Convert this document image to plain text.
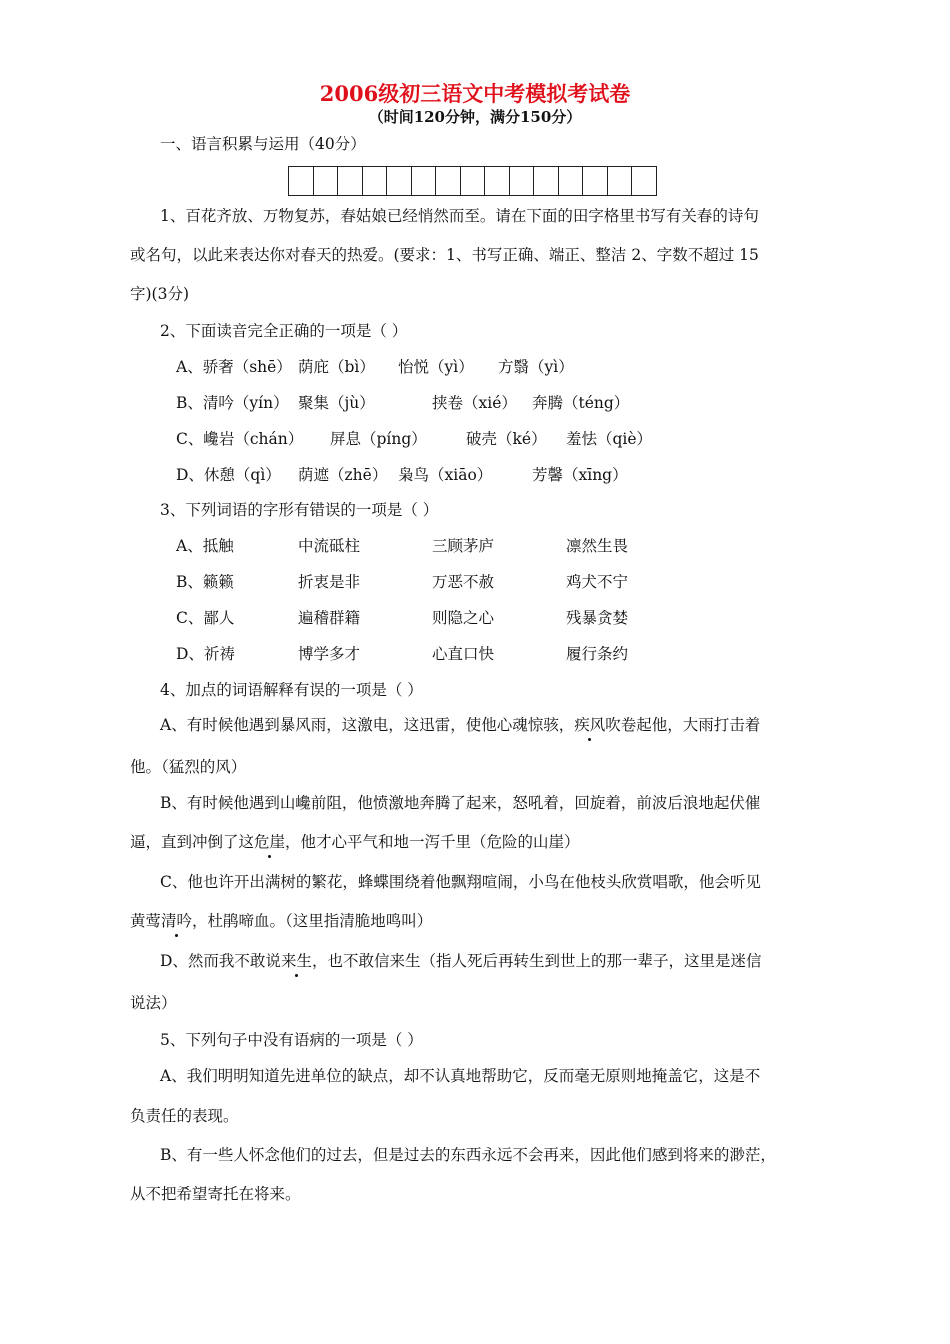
2006级初三语文中考模拟考试卷
（时间120分钟，满分150分）
一、语言积累与运用（40分）
1、百花齐放、万物复苏，春姑娘已经悄然而至。请在下面的田字格里书写有关春的诗句
或名句，以此来表达你对春天的热爱。(要求：1、书写正确、端正、整洁 2、字数不超过 15
字)(3分)
2、下面读音完全正确的一项是（ ）
A、骄奢（shē） 荫庇（bì） 怡悦（yì） 方翳（yì）
B、清吟（yín） 聚集（jù）	挟卷（xié） 奔腾（téng）
C、巉岩（chán） 屏息（píng）	破壳（ké） 羞怯（qiè）
D、休憩（qì） 荫遮（zhē） 枭鸟（xiāo）	芳馨（xīng）
3、下列词语的字形有错误的一项是（ ）
A、抵触	中流砥柱	三顾茅庐	凛然生畏
B、籁籁	折衷是非	万恶不赦	鸡犬不宁
C、鄙人	遍稽群籍	则隐之心	残暴贪婪
D、祈祷	博学多才	心直口快	履行条约
4、加点的词语解释有误的一项是（ ）
A、有时候他遇到暴风雨，这激电，这迅雷，使他心魂惊骇，疾风吹卷起他，大雨打击着
他。（猛烈的风）
B、有时候他遇到山巉前阻，他愤激地奔腾了起来，怒吼着，回旋着，前波后浪地起伏催
逼，直到冲倒了这危崖，他才心平气和地一泻千里（危险的山崖）
C、他也许开出满树的繁花，蜂蝶围绕着他飘翔喧闹，小鸟在他枝头欣赏唱歌，他会听见
黄莺清吟，杜鹃啼血。（这里指清脆地鸣叫）
D、然而我不敢说来生，也不敢信来生（指人死后再转生到世上的那一辈子，这里是迷信
说法）
5、下列句子中没有语病的一项是（ ）
A、我们明明知道先进单位的缺点，却不认真地帮助它，反而毫无原则地掩盖它，这是不
负责任的表现。
B、有一些人怀念他们的过去，但是过去的东西永远不会再来，因此他们感到将来的渺茫，
从不把希望寄托在将来。
